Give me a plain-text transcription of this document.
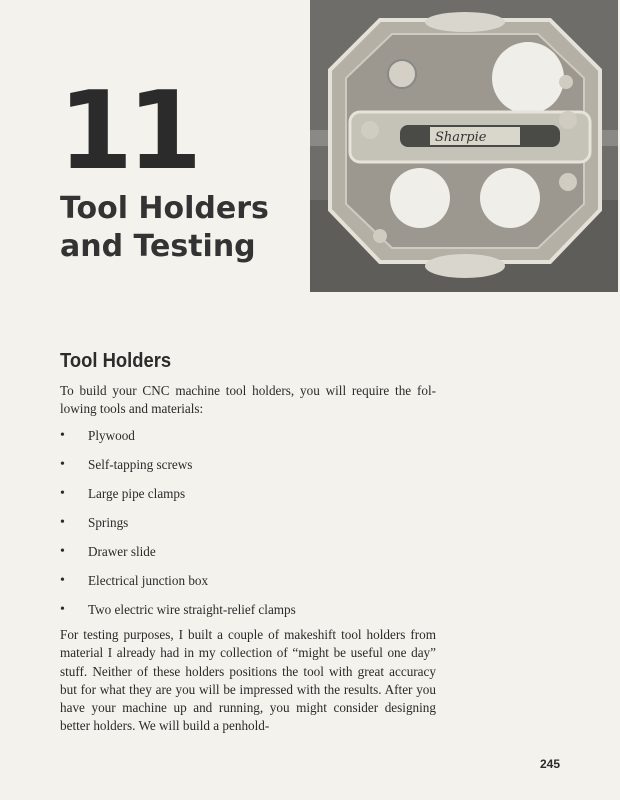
Sharpie
11
Tool Holders
and Testing
Tool Holders

To build your CNC machine tool holders, you will require the fol-lowing tools and materials:

• Plywood
• Self-tapping screws
• Large pipe clamps
• Springs
• Drawer slide
• Electrical junction box
• Two electric wire straight-relief clamps

For testing purposes, I built a couple of makeshift tool holders from material I already had in my collection of “might be useful one day” stuff. Neither of these holders positions the tool with great accuracy but for what they are you will be impressed with the results. After you have your machine up and running, you might consider designing better holders. We will build a penhold-

245
